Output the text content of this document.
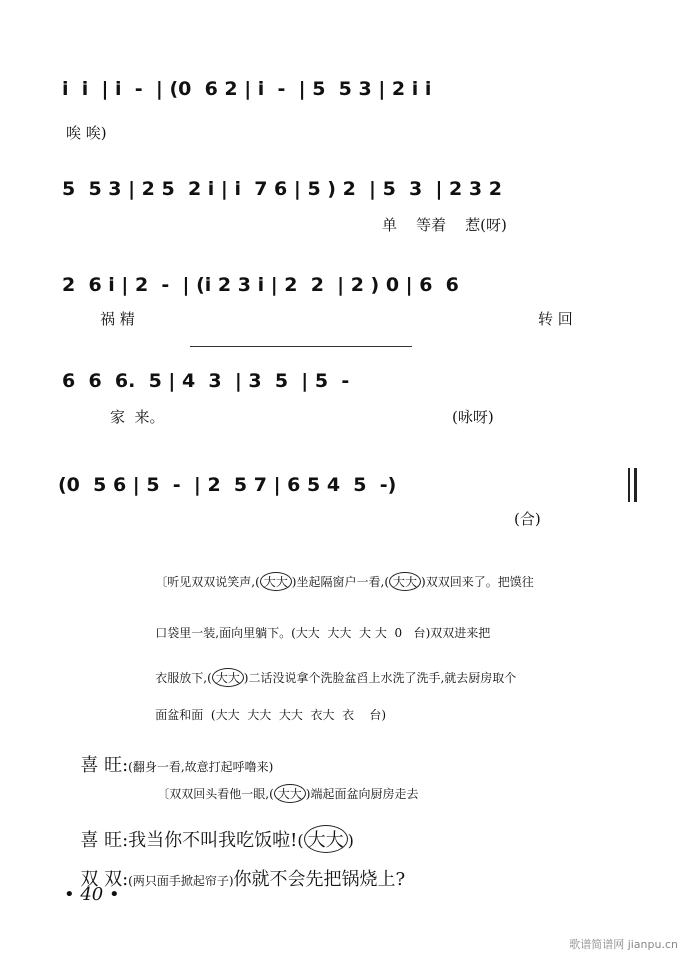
i  i  | i  -  | (0  6 2 | i  -  | 5  5 3 | 2 i i
唉 唉)
5  5 3 | 2 5  2 i | i  7 6 | 5 ) 2  | 5  3  | 2 3 2
单    等着    惹(呀)
2  6 i | 2  -  | (i 2 3 i | 2  2  | 2 ) 0 | 6  6
祸 精	转 回
6  6  6.  5 | 4  3  | 3  5  | 5  -
家  来。	(咏呀)
(0  5 6 | 5  -  | 2  5 7 | 6 5 4  5  -)
(合)

〔听见双双说笑声,( 大大 )坐起隔窗户一看,( 大大 )双双回来了。把馍往

口袋里一装,面向里躺下。(大大  大大  大 大  0   台)双双进来把

衣服放下,( 大大 )二话没说拿个洗脸盆舀上水洗了洗手,就去厨房取个

面盆和面  (大大  大大  大大  衣大  衣    台)

喜 旺:(翻身一看,故意打起呼噜来)

〔双双回头看他一眼,( 大大 )端起面盆向厨房走去

喜 旺:我当你不叫我吃饭啦!( 大大 )

双 双:(两只面手掀起帘子)你就不会先把锅烧上?

• 40 •
歌谱简谱网 jianpu.cn
